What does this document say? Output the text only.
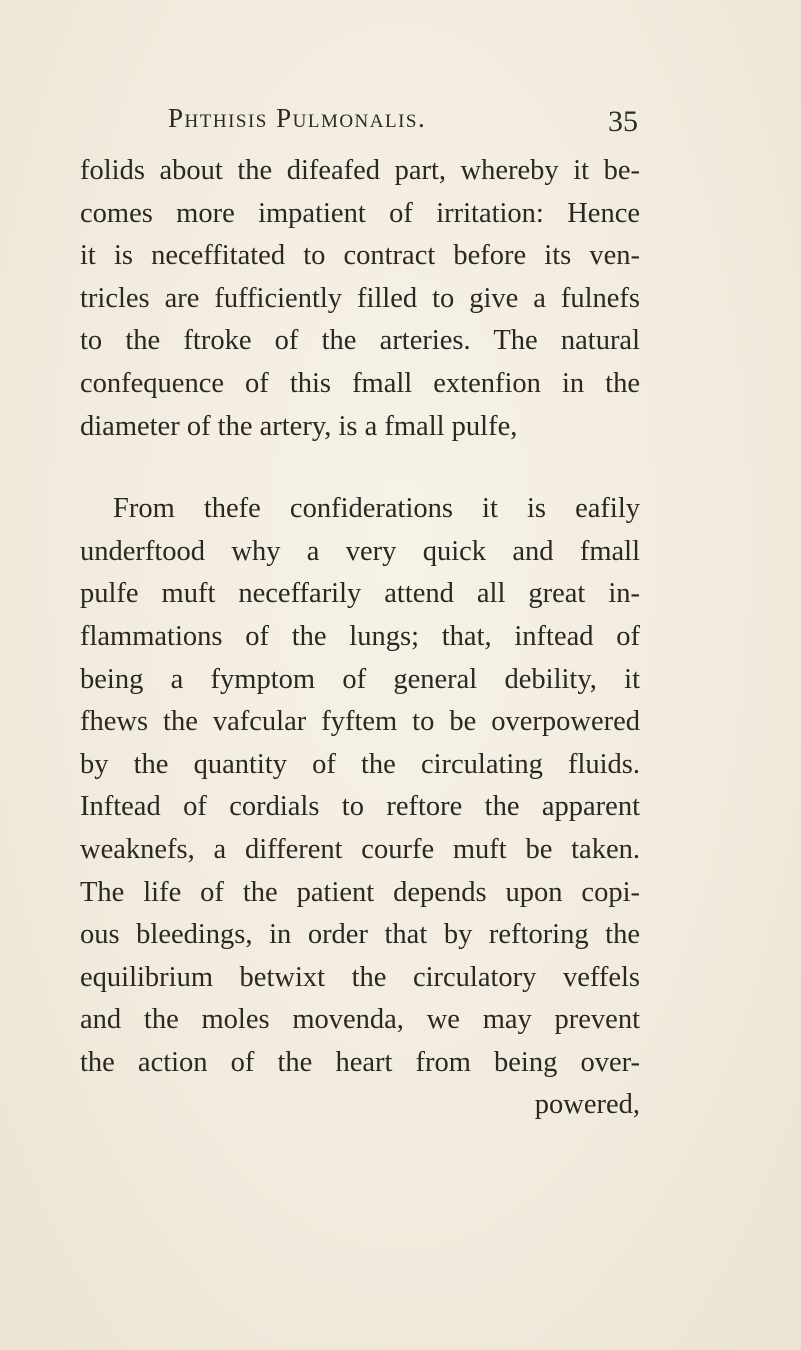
Phthisis Pulmonalis.	35
folids about the difeafed part, whereby it be-
comes more impatient of irritation: Hence
it is neceffitated to contract before its ven-
tricles are fufficiently filled to give a fulnefs
to the ftroke of the arteries. The natural
confequence of this fmall extenfion in the
diameter of the artery, is a fmall pulfe,
From thefe confiderations it is eafily
underftood why a very quick and fmall
pulfe muft neceffarily attend all great in-
flammations of the lungs; that, inftead of
being a fymptom of general debility, it
fhews the vafcular fyftem to be overpowered
by the quantity of the circulating fluids.
Inftead of cordials to reftore the apparent
weaknefs, a different courfe muft be taken.
The life of the patient depends upon copi-
ous bleedings, in order that by reftoring the
equilibrium betwixt the circulatory veffels
and the moles movenda, we may prevent
the action of the heart from being over-
powered,
